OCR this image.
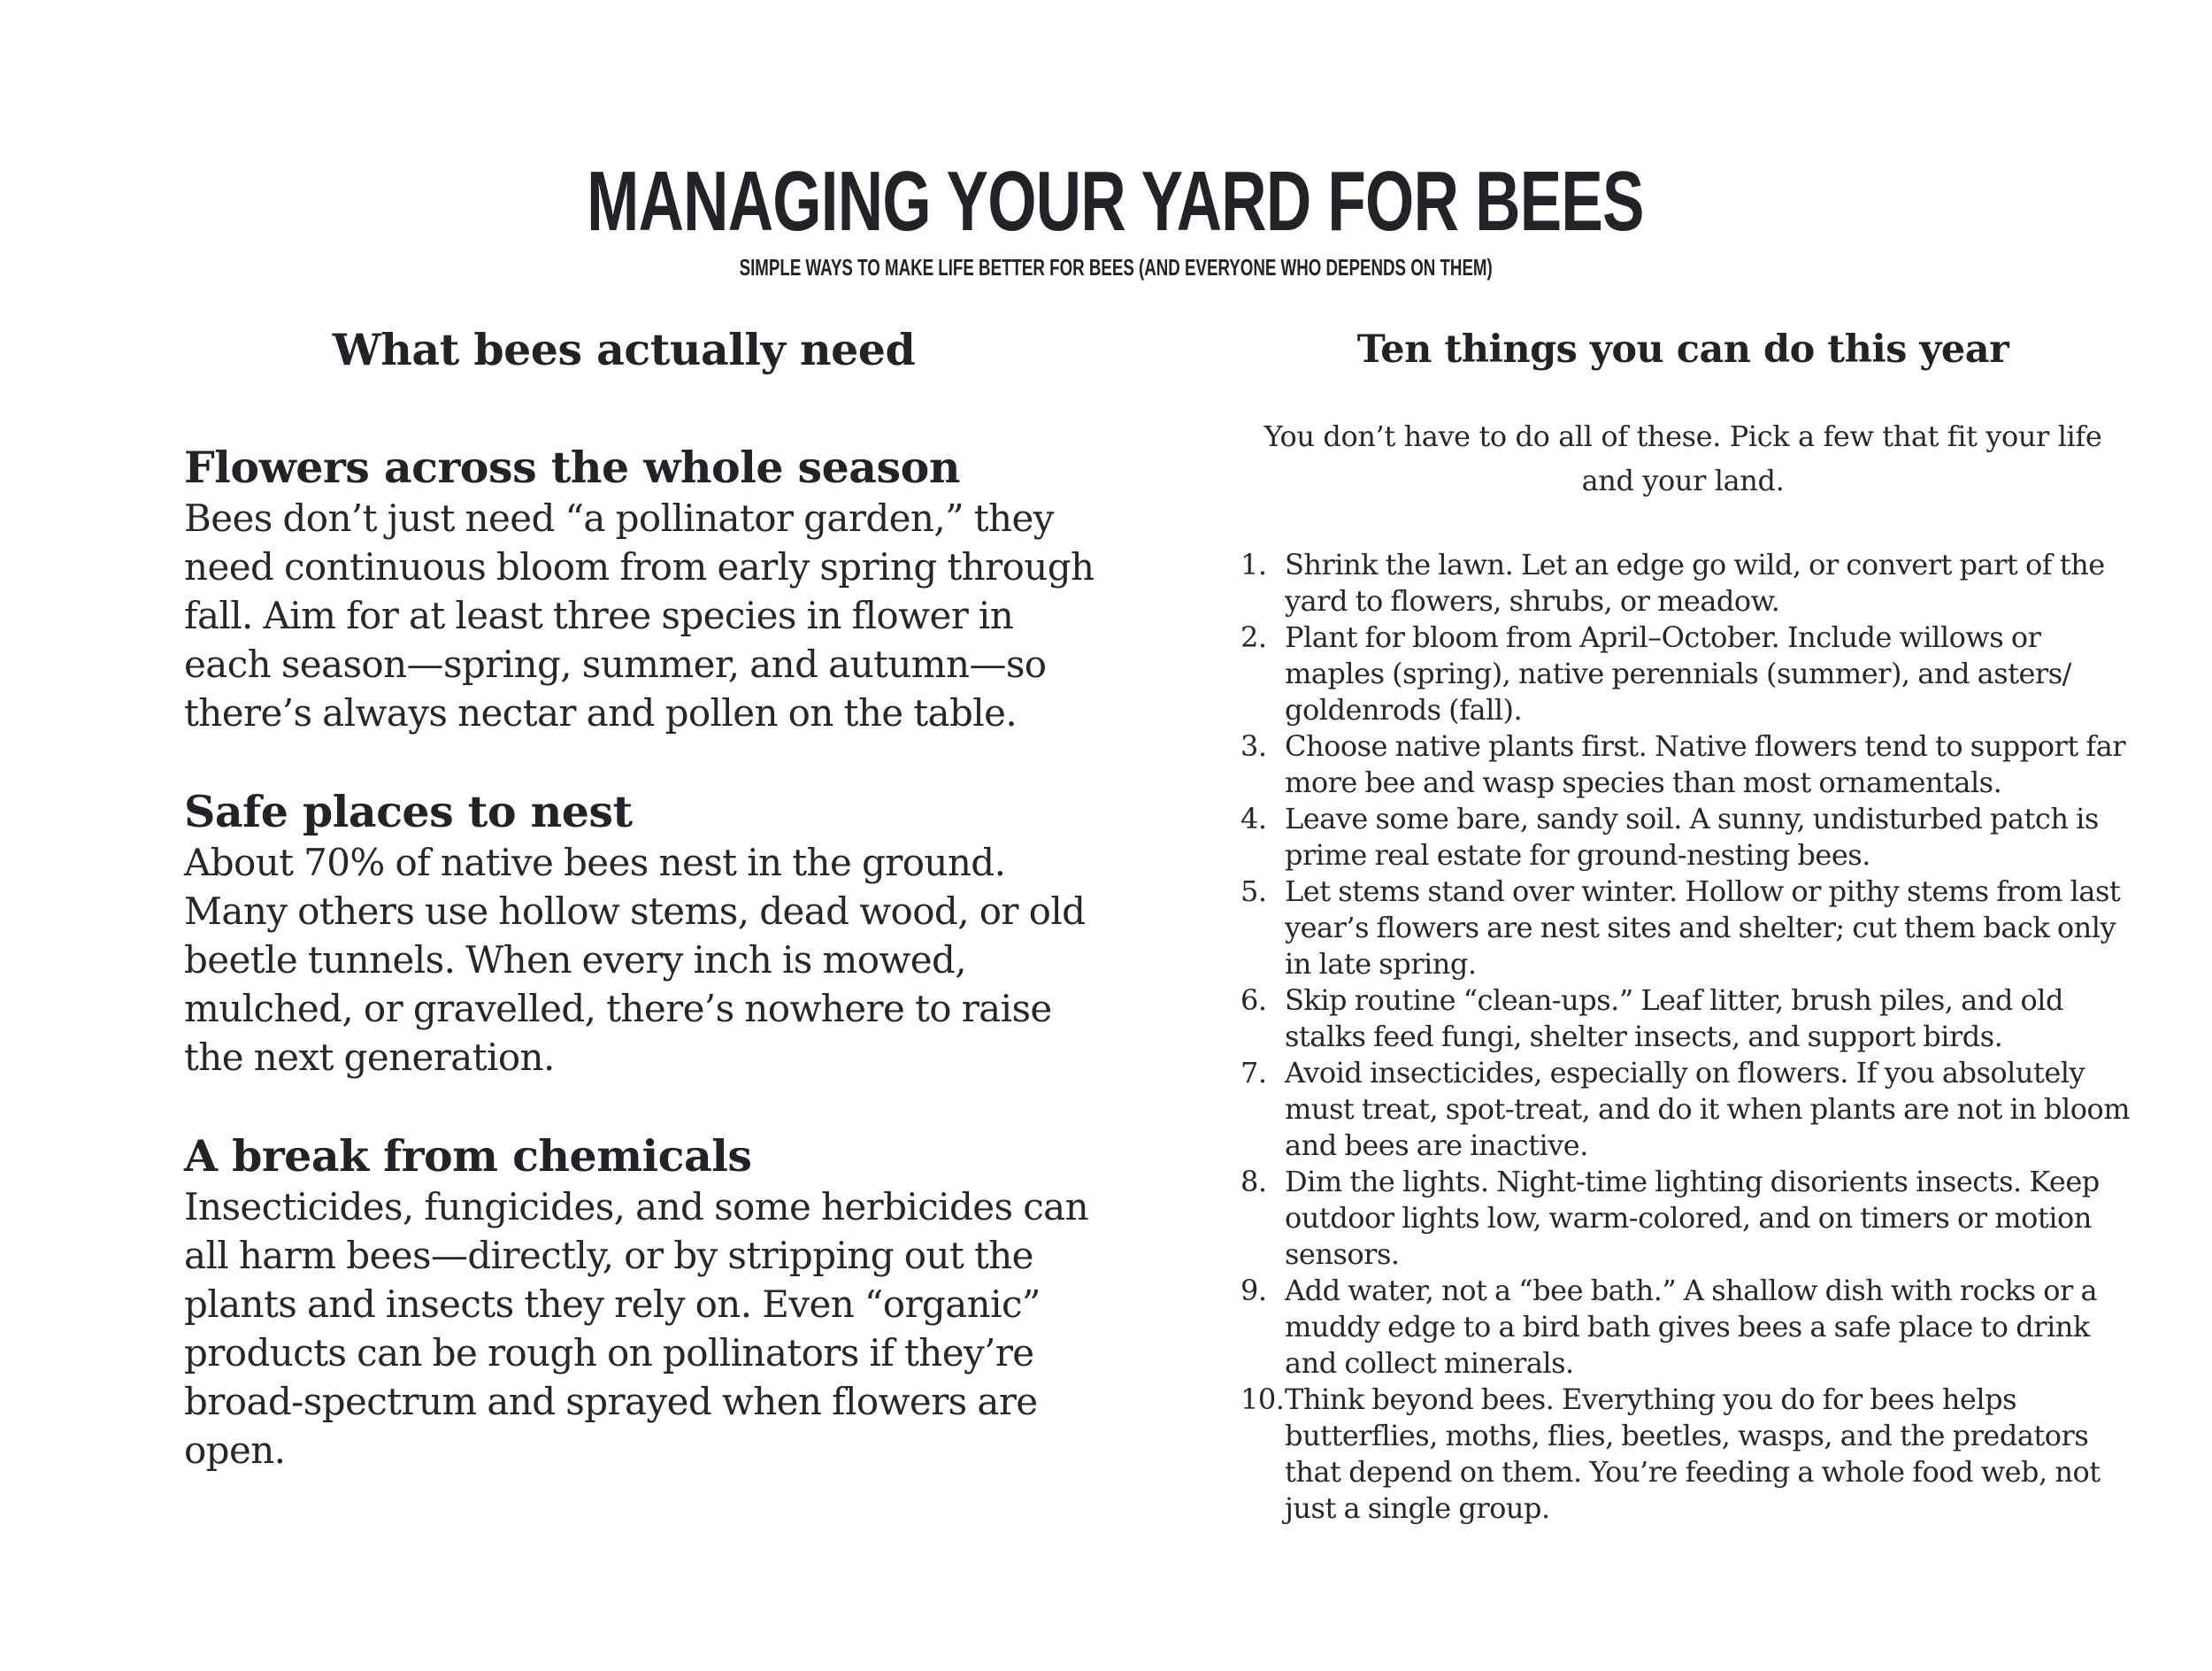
MANAGING YOUR YARD FOR BEES

SIMPLE WAYS TO MAKE LIFE BETTER FOR BEES (AND EVERYONE WHO DEPENDS ON THEM)

What bees actually need
Flowers across the whole season

Bees don’t just need “a pollinator garden,” they need continuous bloom from early spring through fall. Aim for at least three species in flower in each season—spring, summer, and autumn—so there’s always nectar and pollen on the table.

Safe places to nest

About 70% of native bees nest in the ground. Many others use hollow stems, dead wood, or old beetle tunnels. When every inch is mowed, mulched, or gravelled, there’s nowhere to raise the next generation.

A break from chemicals

Insecticides, fungicides, and some herbicides can all harm bees—directly, or by stripping out the plants and insects they rely on. Even “organic” products can be rough on pollinators if they’re broad-spectrum and sprayed when flowers are open.

Ten things you can do this year

You don’t have to do all of these. Pick a few that fit your life and your land.

1. Shrink the lawn. Let an edge go wild, or convert part of the yard to flowers, shrubs, or meadow.
2. Plant for bloom from April–October. Include willows or maples (spring), native perennials (summer), and asters/ goldenrods (fall).
3. Choose native plants first. Native flowers tend to support far more bee and wasp species than most ornamentals.
4. Leave some bare, sandy soil. A sunny, undisturbed patch is prime real estate for ground-nesting bees.
5. Let stems stand over winter. Hollow or pithy stems from last year’s flowers are nest sites and shelter; cut them back only in late spring.
6. Skip routine “clean-ups.” Leaf litter, brush piles, and old stalks feed fungi, shelter insects, and support birds.
7. Avoid insecticides, especially on flowers. If you absolutely must treat, spot-treat, and do it when plants are not in bloom and bees are inactive.
8. Dim the lights. Night-time lighting disorients insects. Keep outdoor lights low, warm-colored, and on timers or motion sensors.
9. Add water, not a “bee bath.” A shallow dish with rocks or a muddy edge to a bird bath gives bees a safe place to drink and collect minerals.
10. Think beyond bees. Everything you do for bees helps butterflies, moths, flies, beetles, wasps, and the predators that depend on them. You’re feeding a whole food web, not just a single group.
